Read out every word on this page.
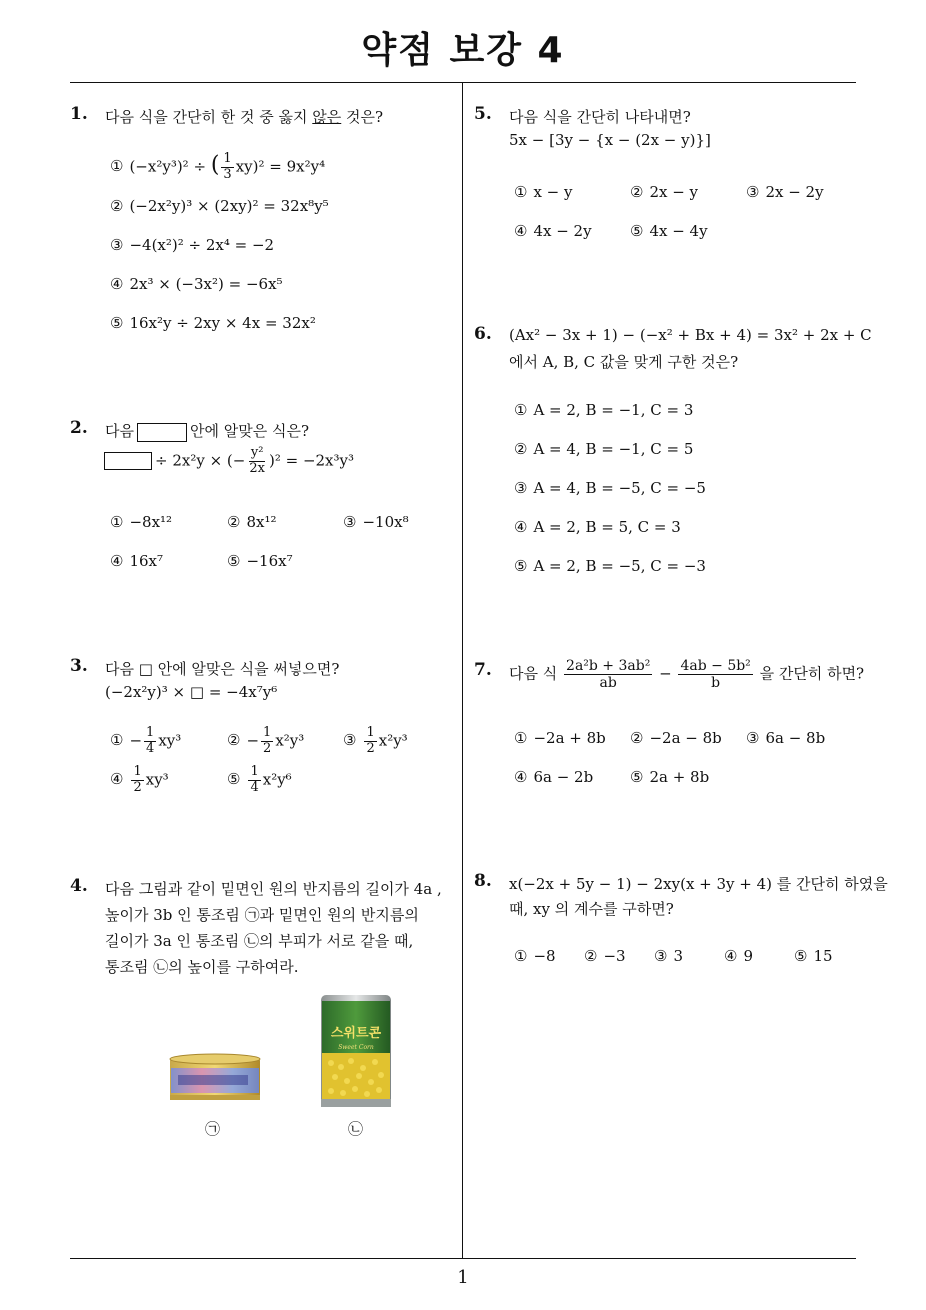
약점 보강 4
1
1. 다음 식을 간단히 한 것 중 옳지 않은 것은?
① (−x²y³)² ÷ ( $\frac{1}{3} xy)^2 = 9x^2y^4$
② (−2x²y)³ × (2xy)² = 32x⁸y⁵
③ −4(x²)² ÷ 2x⁴ = −2
④ 2x³ × (−3x²) = −6x⁵
⑤ 16x²y ÷ 2xy × 4x = 32x²
2. 다음	안에 알맞은 식은?
÷ 2x²y × (− $\frac{\text{y²}}{2x} )^2 = -2x^3y^3$
① −8x¹²	② 8x¹²	③ −10x⁸
④ 16x⁷	⑤ −16x⁷
3. 다음 □ 안에 알맞은 식을 써넣으면?
(−2x²y)³ × □ = −4x⁷y⁶
① − $\frac{1}{4} xy^3$	② − $\frac{1}{2} x^2y^3$	③ $\frac{1}{2} x^2y^3$
④ $\frac{1}{2} xy^3$	⑤ $\frac{1}{4} x^2y^6$
4. 다음 그림과 같이 밑면인 원의 반지름의 길이가 4a ,
높이가 3b 인 통조림 ㉠과 밑면인 원의 반지름의
길이가 3a 인 통조림 ㉡의 부피가 서로 같을 때,
통조림 ㉡의 높이를 구하여라.
스위트콘
Sweet Corn
㉠	㉡
5. 다음 식을 간단히 나타내면?
5x − [3y − {x − (2x − y)}]
① x − y	② 2x − y	③ 2x − 2y
④ 4x − 2y	⑤ 4x − 4y
6. (Ax² − 3x + 1) − (−x² + Bx + 4) = 3x² + 2x + C
에서 A, B, C 값을 맞게 구한 것은?
① A = 2, B = −1, C = 3
② A = 4, B = −1, C = 5
③ A = 4, B = −5, C = −5
④ A = 2, B = 5, C = 3
⑤ A = 2, B = −5, C = −3
7. 다음 식 $\frac{\text{2a²b + 3ab²}}{ab} - \frac{\text{4ab − 5b²}}{b}$ 을 간단히 하면?
① −2a + 8b ② −2a − 8b ③ 6a − 8b
④ 6a − 2b ⑤ 2a + 8b
8. x(−2x + 5y − 1) − 2xy(x + 3y + 4) 를 간단히 하였을
때, xy 의 계수를 구하면?
① −8 ② −3 ③ 3	④ 9	⑤ 15
